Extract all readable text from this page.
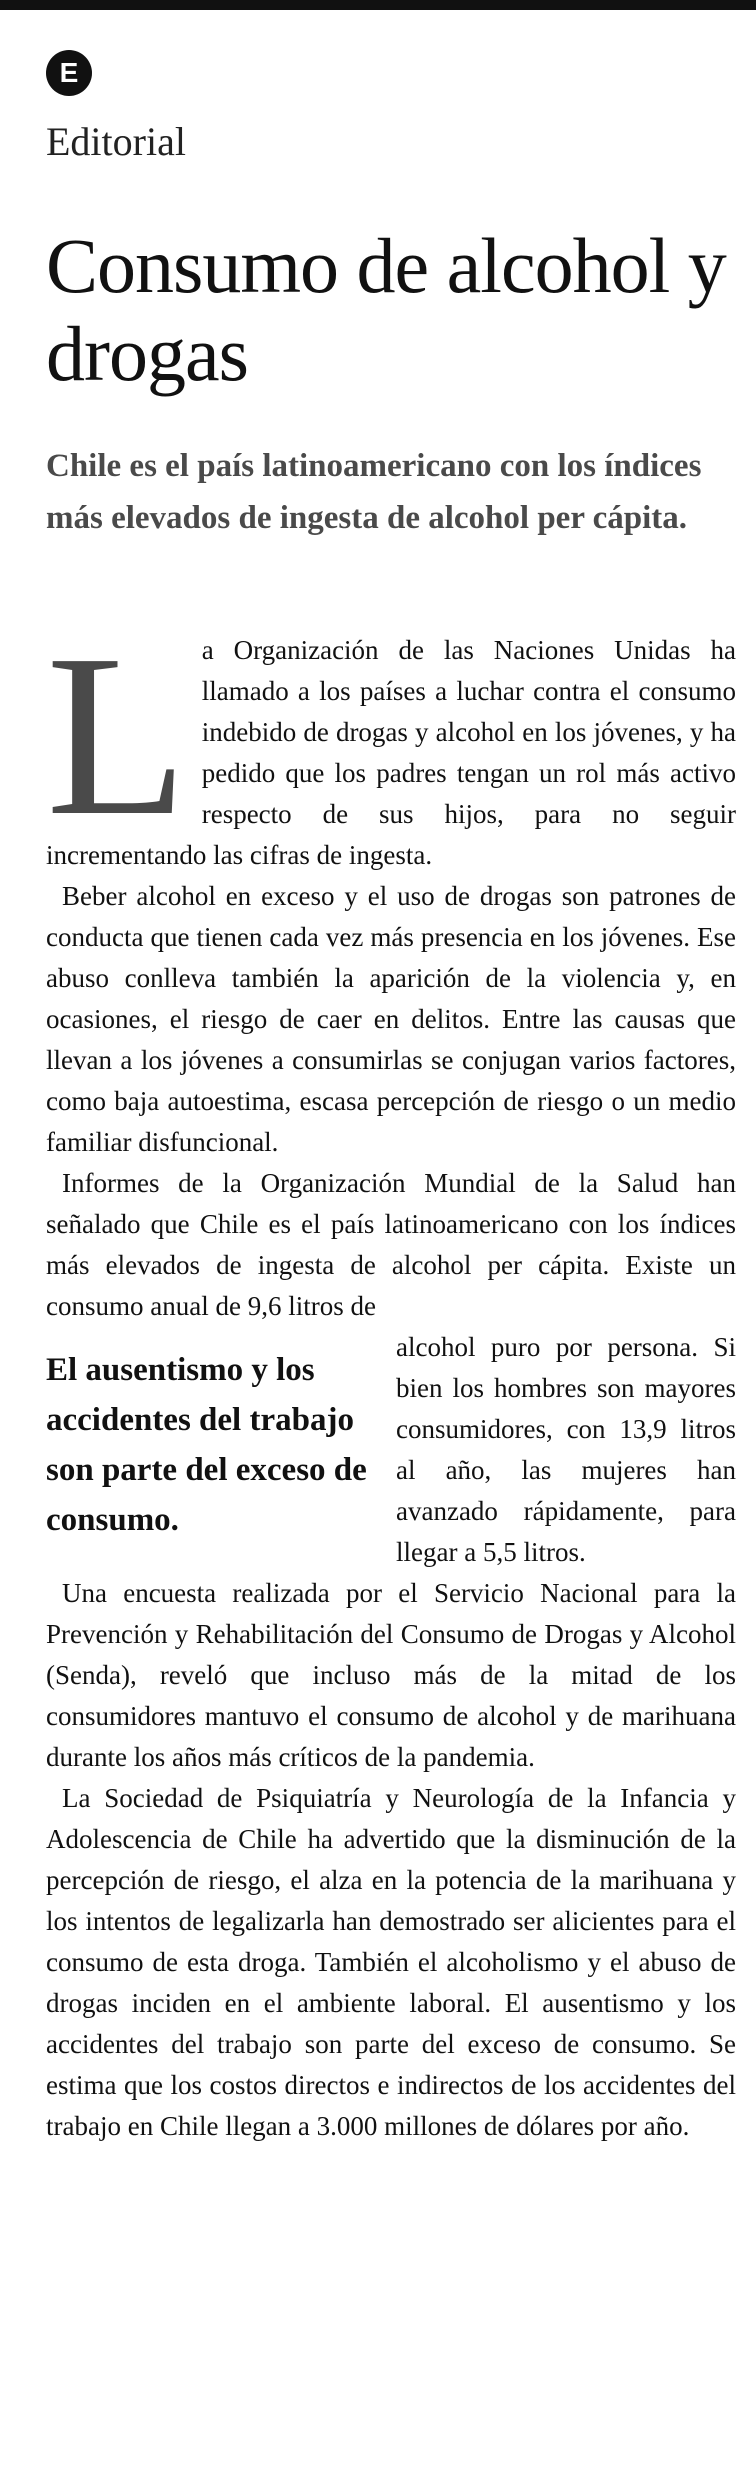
E
Editorial
Consumo de alcohol y drogas

Chile es el país latinoamericano con los índices más elevados de ingesta de alcohol per cápita.

La Organización de las Naciones Unidas ha llamado a los países a luchar contra el consumo indebido de drogas y alcohol en los jóvenes, y ha pedido que los padres tengan un rol más activo respecto de sus hijos, para no seguir incrementando las cifras de ingesta.

Beber alcohol en exceso y el uso de drogas son patrones de conducta que tienen cada vez más presencia en los jóvenes. Ese abuso conlleva también la aparición de la violencia y, en ocasiones, el riesgo de caer en delitos. Entre las causas que llevan a los jóvenes a consumirlas se conjugan varios factores, como baja autoestima, escasa percepción de riesgo o un medio familiar disfuncional.

Informes de la Organización Mundial de la Salud han señalado que Chile es el país latinoamericano con los índices más elevados de ingesta de alcohol per cápita. Existe un consumo anual de 9,6 litros de

El ausentismo y los accidentes del trabajo son parte del exceso de consumo.

alcohol puro por persona. Si bien los hombres son mayores consumidores, con 13,9 litros al año, las mujeres han avanzado rápidamente, para llegar a 5,5 litros.

Una encuesta realizada por el Servicio Nacional para la Prevención y Rehabilitación del Consumo de Drogas y Alcohol (Senda), reveló que incluso más de la mitad de los consumidores mantuvo el consumo de alcohol y de marihuana durante los años más críticos de la pandemia.

La Sociedad de Psiquiatría y Neurología de la Infancia y Adolescencia de Chile ha advertido que la disminución de la percepción de riesgo, el alza en la potencia de la marihuana y los intentos de legalizarla han demostrado ser alicientes para el consumo de esta droga. También el alcoholismo y el abuso de drogas inciden en el ambiente laboral. El ausentismo y los accidentes del trabajo son parte del exceso de consumo. Se estima que los costos directos e indirectos de los accidentes del trabajo en Chile llegan a 3.000 millones de dólares por año.
